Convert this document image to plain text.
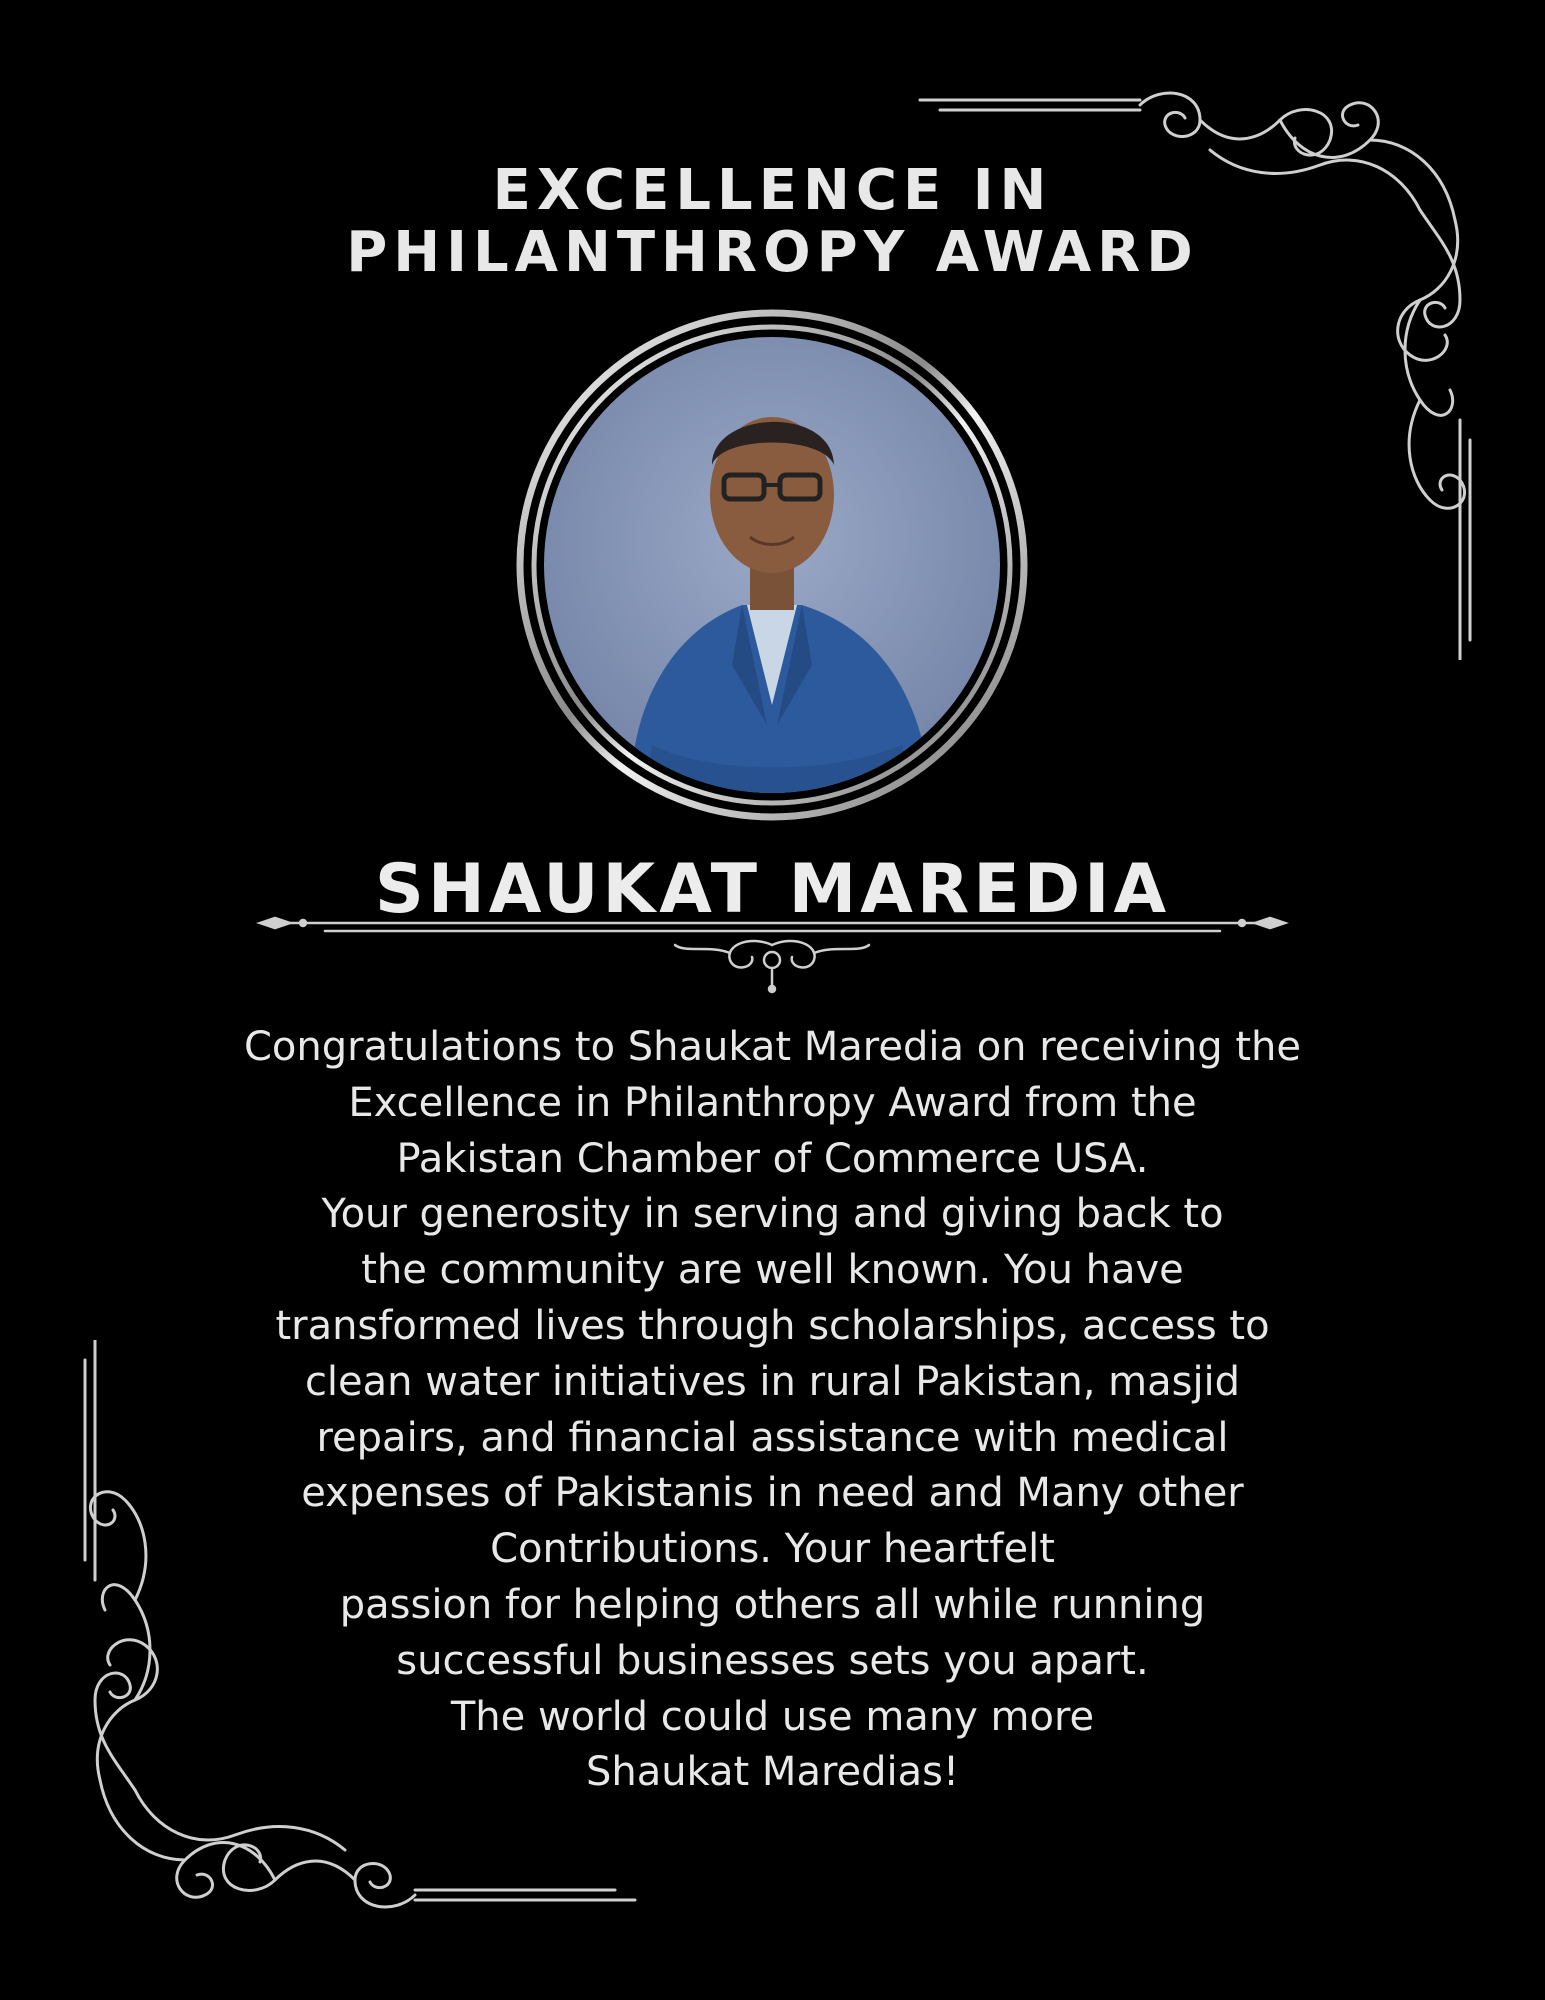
EXCELLENCE IN
PHILANTHROPY AWARD
SHAUKAT MAREDIA
Congratulations to Shaukat Maredia on receiving the
Excellence in Philanthropy Award from the
Pakistan Chamber of Commerce USA.
Your generosity in serving and giving back to
the community are well known. You have
transformed lives through scholarships, access to
clean water initiatives in rural Pakistan, masjid
repairs, and financial assistance with medical
expenses of Pakistanis in need and Many other
Contributions. Your heartfelt
passion for helping others all while running
successful businesses sets you apart.
The world could use many more
Shaukat Maredias!
